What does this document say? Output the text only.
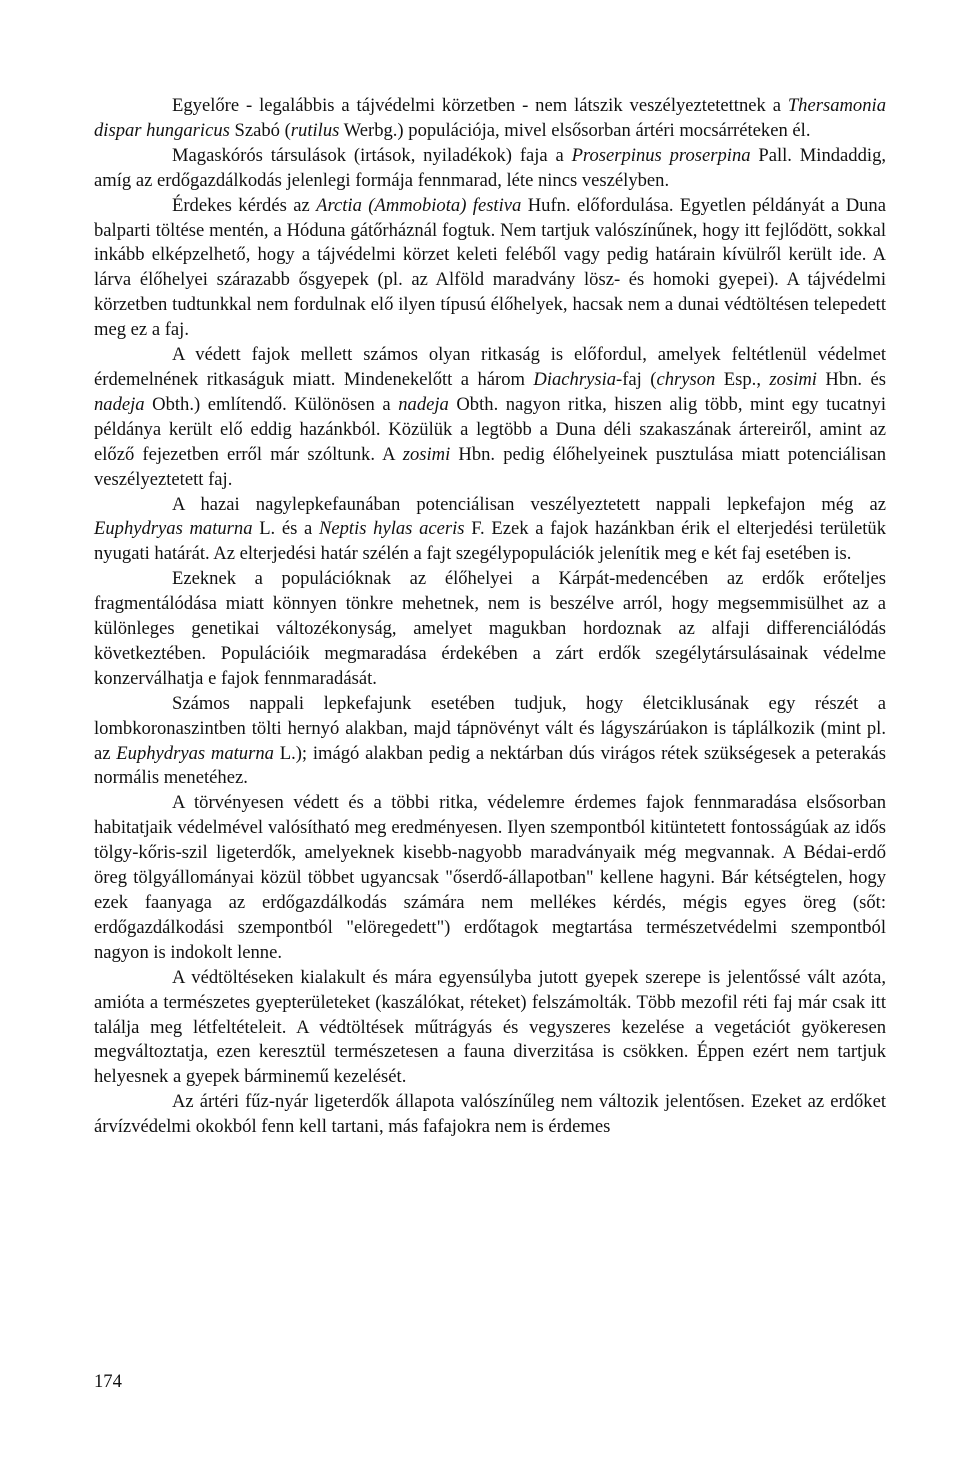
Egyelőre - legalábbis a tájvédelmi körzetben - nem látszik veszélyeztetettnek a Thersamonia dispar hungaricus Szabó (rutilus Werbg.) populációja, mivel elsősorban ártéri mocsárréteken él.

Magaskórós társulások (irtások, nyiladékok) faja a Proserpinus proserpina Pall. Mindaddig, amíg az erdőgazdálkodás jelenlegi formája fennmarad, léte nincs veszélyben.

Érdekes kérdés az Arctia (Ammobiota) festiva Hufn. előfordulása. Egyetlen példányát a Duna balparti töltése mentén, a Hóduna gátőrháznál fogtuk. Nem tartjuk valószínűnek, hogy itt fejlődött, sokkal inkább elképzelhető, hogy a tájvédelmi körzet keleti feléből vagy pedig határain kívülről került ide. A lárva élőhelyei szárazabb ősgyepek (pl. az Alföld maradvány lösz- és homoki gyepei). A tájvédelmi körzetben tudtunkkal nem fordulnak elő ilyen típusú élőhelyek, hacsak nem a dunai védtöltésen telepedett meg ez a faj.

A védett fajok mellett számos olyan ritkaság is előfordul, amelyek feltétlenül védelmet érdemelnének ritkaságuk miatt. Mindenekelőtt a három Diachrysia-faj (chryson Esp., zosimi Hbn. és nadeja Obth.) említendő. Különösen a nadeja Obth. nagyon ritka, hiszen alig több, mint egy tucatnyi példánya került elő eddig hazánkból. Közülük a legtöbb a Duna déli szakaszának ártereiről, amint az előző fejezetben erről már szóltunk. A zosimi Hbn. pedig élőhelyeinek pusztulása miatt potenciálisan veszélyeztetett faj.

A hazai nagylepkefaunában potenciálisan veszélyeztetett nappali lepkefajon még az Euphydryas maturna L. és a Neptis hylas aceris F. Ezek a fajok hazánkban érik el elterjedési területük nyugati határát. Az elterjedési határ szélén a fajt szegélypopulációk jelenítik meg e két faj esetében is.

Ezeknek a populációknak az élőhelyei a Kárpát-medencében az erdők erőteljes fragmentálódása miatt könnyen tönkre mehetnek, nem is beszélve arról, hogy megsemmisülhet az a különleges genetikai változékonyság, amelyet magukban hordoznak az alfaji differenciálódás következtében. Populációik megmaradása érdekében a zárt erdők szegélytársulásainak védelme konzerválhatja e fajok fennmaradását.

Számos nappali lepkefajunk esetében tudjuk, hogy életciklusának egy részét a lombkoronaszintben tölti hernyó alakban, majd tápnövényt vált és lágyszárúakon is táplálkozik (mint pl. az Euphydryas maturna L.); imágó alakban pedig a nektárban dús virágos rétek szükségesek a peterakás normális menetéhez.

A törvényesen védett és a többi ritka, védelemre érdemes fajok fennmaradása elsősorban habitatjaik védelmével valósítható meg eredményesen. Ilyen szempontból kitüntetett fontosságúak az idős tölgy-kőris-szil ligeterdők, amelyeknek kisebb-nagyobb maradványaik még megvannak. A Bédai-erdő öreg tölgyállományai közül többet ugyancsak "őserdő-állapotban" kellene hagyni. Bár kétségtelen, hogy ezek faanyaga az erdőgazdálkodás számára nem mellékes kérdés, mégis egyes öreg (sőt: erdőgazdálkodási szempontból "elöregedett") erdőtagok megtartása természetvédelmi szempontból nagyon is indokolt lenne.

A védtöltéseken kialakult és mára egyensúlyba jutott gyepek szerepe is jelentőssé vált azóta, amióta a természetes gyepterületeket (kaszálókat, réteket) felszámolták. Több mezofil réti faj már csak itt találja meg létfeltételeit. A védtöltések műtrágyás és vegyszeres kezelése a vegetációt gyökeresen megváltoztatja, ezen keresztül természetesen a fauna diverzitása is csökken. Éppen ezért nem tartjuk helyesnek a gyepek bárminemű kezelését.

Az ártéri fűz-nyár ligeterdők állapota valószínűleg nem változik jelentősen. Ezeket az erdőket árvízvédelmi okokból fenn kell tartani, más fafajokra nem is érdemes

174
